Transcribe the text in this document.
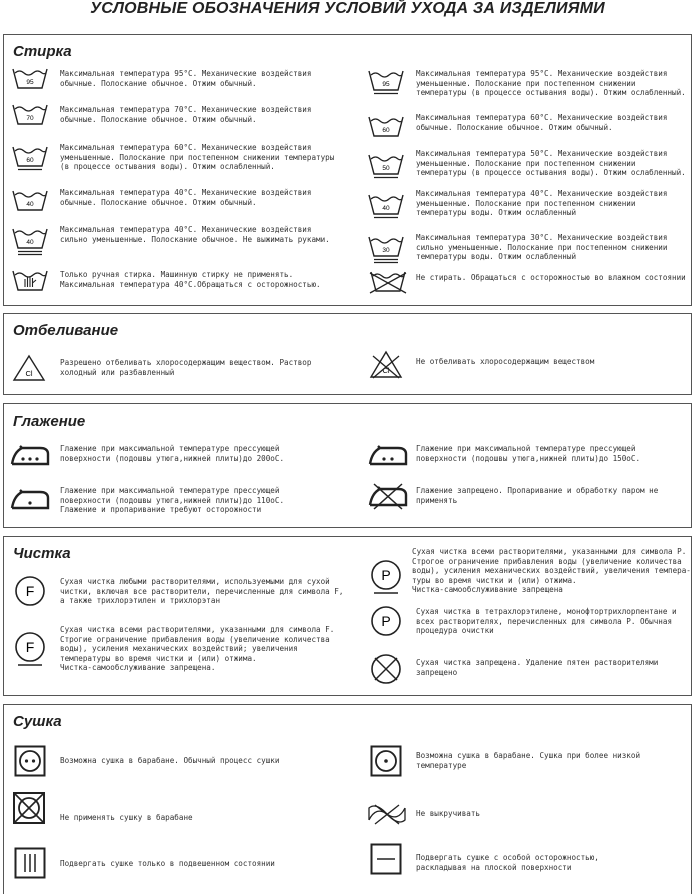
УСЛОВНЫЕ ОБОЗНАЧЕНИЯ УСЛОВИЙ УХОДА ЗА ИЗДЕЛИЯМИ
Стирка
95
Максимальная температура 95°С. Механические воздействия
обычные. Полоскание обычное. Отжим обычный.
70
Максимальная температура 70°С. Механические воздействия
обычные. Полоскание обычное. Отжим обычный.
60
Максимальная температура 60°С. Механические воздействия
уменьшенные. Полоскание при постепенном снижении температуры
(в процессе остывания воды). Отжим ослабленный.
40
Максимальная температура 40°С. Механические воздействия
обычные. Полоскание обычное. Отжим обычный.
40
Максимальная температура 40°С. Механические воздействия
сильно уменьшенные. Полоскание обычное. Не выжимать руками.
Только ручная стирка. Машинную стирку не применять.
Максимальная температура 40°С.Обращаться с осторожностью.
95
Максимальная температура 95°С. Механические воздействия
уменьшенные. Полоскание при постепенном снижении
температуры (в процессе остывания воды). Отжим ослабленный.
60
Максимальная температура 60°С. Механические воздействия
обычные. Полоскание обычное. Отжим обычный.
50
Максимальная температура 50°С. Механические воздействия
уменьшенные. Полоскание при постепенном снижении
температуры (в процессе остывания воды). Отжим ослабленный.
40
Максимальная температура 40°С. Механические воздействия
уменьшенные. Полоскание при постепенном снижении
температуры воды. Отжим ослабленный
30
Максимальная температура 30°С. Механические воздействия
сильно уменьшенные. Полоскание при постепенном снижении
температуры воды. Отжим ослабленный
Не стирать. Обращаться с осторожностью во влажном состоянии
Отбеливание
Cl
Разрешено отбеливать хлоросодержащим веществом. Раствор
холодный или разбавленный	Cl
Не отбеливать хлоросодержащим веществом
Глажение
Глажение при максимальной температуре прессующей
поверхности (подошвы утюга,нижней плиты)до 200оС.
Глажение при максимальной температуре прессующей
поверхности (подошвы утюга,нижней плиты)до 110оС.
Глажение и пропаривание требуют осторожности
Глажение при максимальной температуре прессующей
поверхности (подошвы утюга,нижней плиты)до 150оС.
Глажение запрещено. Пропаривание и обработку паром не
применять
Чистка
F
Сухая чистка любыми растворителями, используемыми для сухой
чистки, включая все растворители, перечисленные для символа F,
а также трихлорэтилен и трихлорэтан
F
Сухая чистка всеми растворителями, указанными для символа F.
Строгие ограничение прибавления воды (увеличение количества
воды), усиления механических воздействий; увеличения
температуры во время чистки и (или) отжима.
Чистка-самообслуживание запрещена.
P
Сухая чистка всеми растворителями, указанными для символа Р.
Строгое ограничение прибавления воды (увеличение количества
воды), усиления механических воздействий, увеличения темпера-
туры во время чистки и (или) отжима.
Чистка-самообслуживание запрещена
P
Сухая чистка в тетрахлорэтилене, монофтортрихлорпентане и
всех растворителях, перечисленных для символа Р. Обычная
процедура очистки
Сухая чистка запрещена. Удаление пятен растворителями
запрещено
Сушка
Возможна сушка в барабане. Обычный процесс сушки
Не применять сушку в барабане
Подвергать сушке только в подвешенном состоянии
Возможна сушка в барабане. Сушка при более низкой
температуре
Не выкручивать
Подвергать сушке с особой осторожностью,
раскладывая на плоской поверхности
